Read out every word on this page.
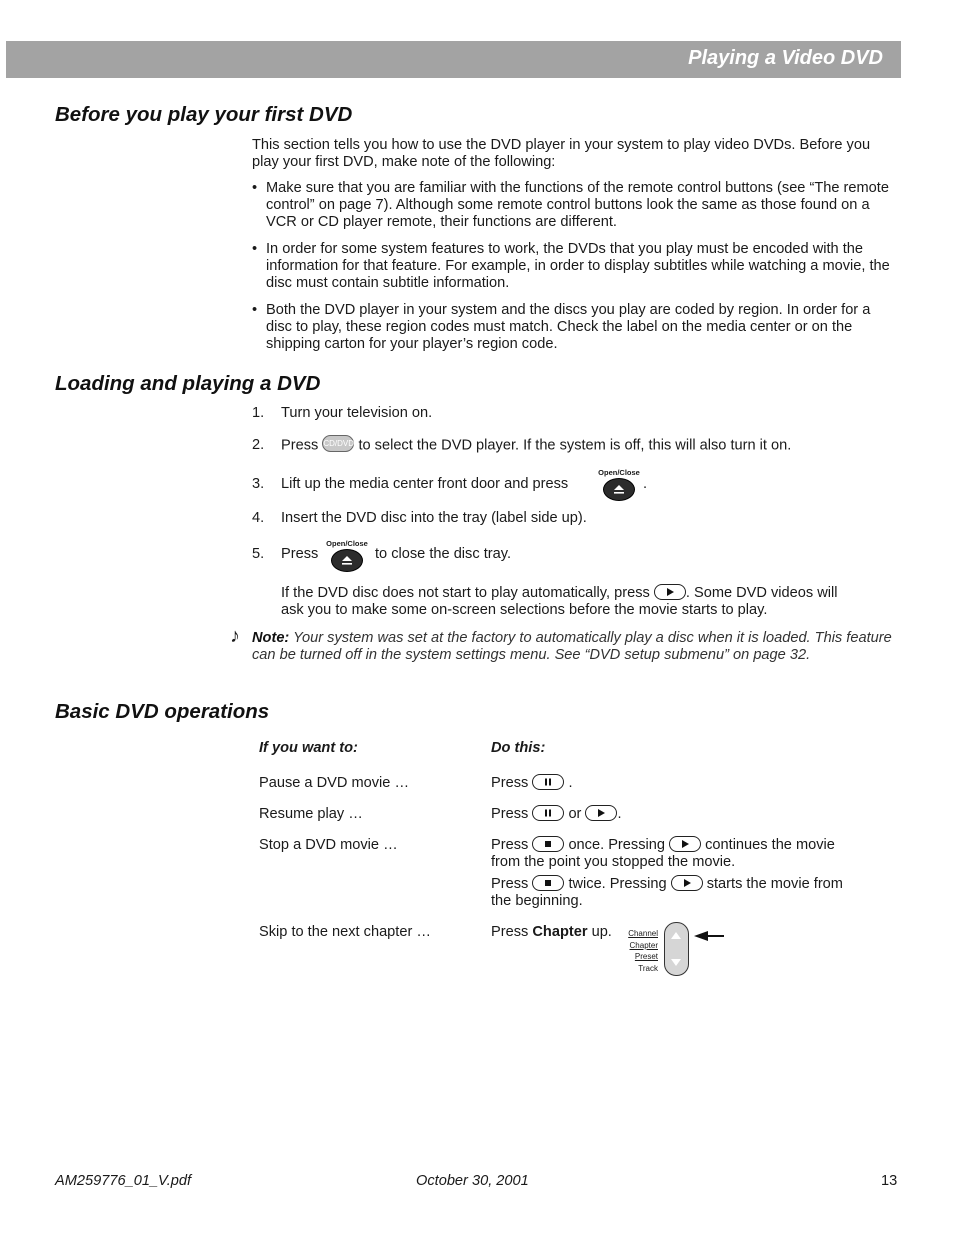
Playing a Video DVD
Before you play your first DVD

This section tells you how to use the DVD player in your system to play video DVDs. Before you play your first DVD, make note of the following:

• Make sure that you are familiar with the functions of the remote control buttons (see “The remote control” on page 7). Although some remote control buttons look the same as those found on a VCR or CD player remote, their functions are different.
• In order for some system features to work, the DVDs that you play must be encoded with the information for that feature. For example, in order to display subtitles while watching a movie, the disc must contain subtitle information.
• Both the DVD player in your system and the discs you play are coded by region. In order for a disc to play, these region codes must match. Check the label on the media center or on the shipping carton for your player’s region code.
Loading and playing a DVD
1. Turn your television on.
2. Press CD/DVD to select the DVD player. If the system is off, this will also turn it on.
3. Lift up the media center front door and press	.
Open/Close
4. Insert the DVD disc into the tray (label side up).
5. Press	to close the disc tray.
Open/Close
If the DVD disc does not start to play automatically, press . Some DVD videos will
ask you to make some on-screen selections before the movie starts to play.
♪ Note: Your system was set at the factory to automatically play a disc when it is loaded. This feature can be turned off in the system settings menu. See “DVD setup submenu” on page 32.
Basic DVD operations
If you want to:	Do this:
Pause a DVD movie …	Press	.
Resume play …	Press	or .
Stop a DVD movie …	Press	once. Pressing	continues the movie
from the point you stopped the movie.
Press	twice. Pressing	starts the movie from
the beginning.
Skip to the next chapter …	Press Chapter up.	Channel
Chapter
Preset
Track
AM259776_01_V.pdf	October 30, 2001	13
